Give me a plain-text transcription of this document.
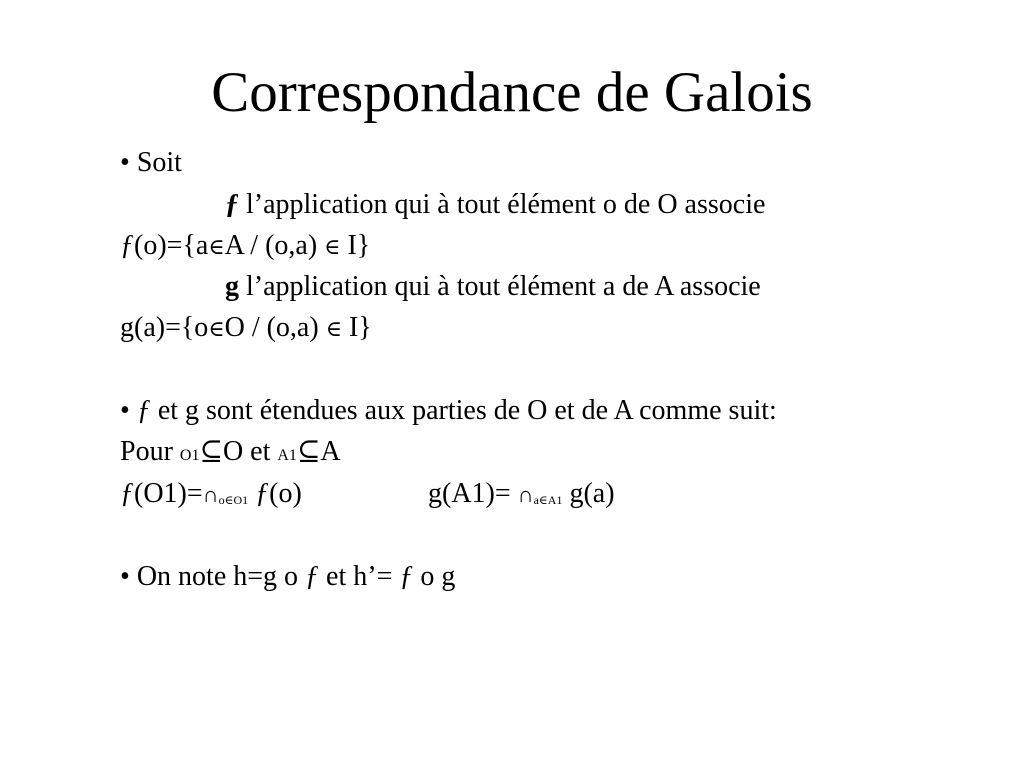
Correspondance de Galois
• Soit
ƒ l’application qui à tout élément o de O associe
ƒ(o)={a∈A / (o,a) ∈ I}
g l’application qui à tout élément a de A associe
g(a)={o∈O / (o,a) ∈ I}
• ƒ et g sont étendues aux parties de O et de A comme suit:
Pour O1⊆O et A1⊆A
ƒ(O1)=∩o∈O1 ƒ(o)	g(A1)= ∩a∈A1 g(a)
• On note h=g o ƒ et h’= ƒ o g
